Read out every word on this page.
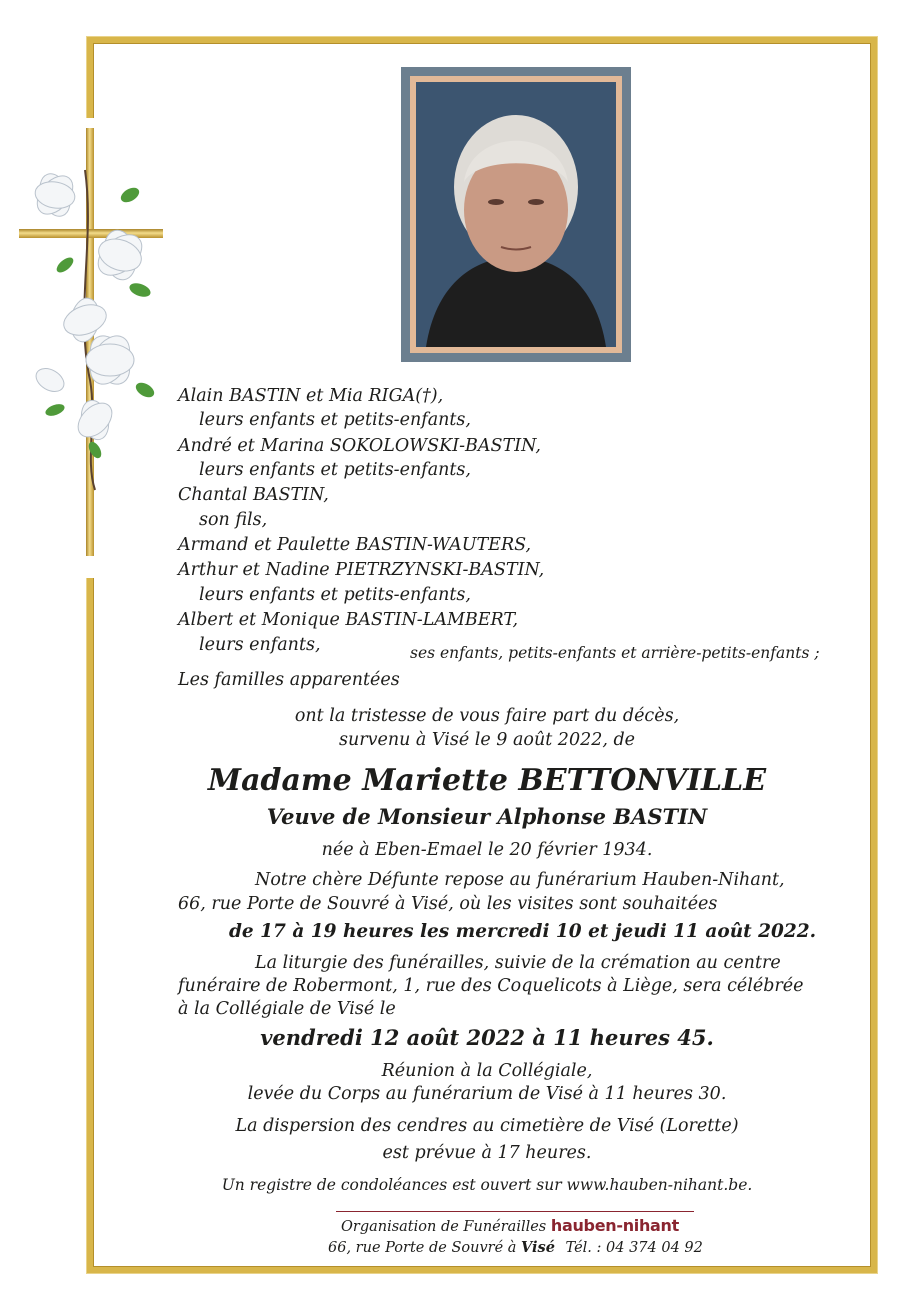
Alain BASTIN et Mia RIGA(†),
leurs enfants et petits-enfants,
André et Marina SOKOLOWSKI-BASTIN,
leurs enfants et petits-enfants,
Chantal BASTIN,
son fils,
Armand et Paulette BASTIN-WAUTERS,
Arthur et Nadine PIETRZYNSKI-BASTIN,
leurs enfants et petits-enfants,
Albert et Monique BASTIN-LAMBERT,
leurs enfants,	ses enfants, petits-enfants et arrière-petits-enfants ;
Les familles apparentées
ont la tristesse de vous faire part du décès,
survenu à Visé le 9 août 2022, de
Madame Mariette BETTONVILLE
Veuve de Monsieur Alphonse BASTIN
née à Eben-Emael le 20 février 1934.
Notre chère Défunte repose au funérarium Hauben-Nihant,
66, rue Porte de Souvré à Visé, où les visites sont souhaitées
de 17 à 19 heures les mercredi 10 et jeudi 11 août 2022.
La liturgie des funérailles, suivie de la crémation au centre
funéraire de Robermont, 1, rue des Coquelicots à Liège, sera célébrée
à la Collégiale de Visé le
vendredi 12 août 2022 à 11 heures 45.
Réunion à la Collégiale,
levée du Corps au funérarium de Visé à 11 heures 30.
La dispersion des cendres au cimetière de Visé (Lorette)
est prévue à 17 heures.
Un registre de condoléances est ouvert sur www.hauben-nihant.be.
Organisation de Funérailles hauben-nihant
66, rue Porte de Souvré à Visé Tél. : 04 374 04 92
